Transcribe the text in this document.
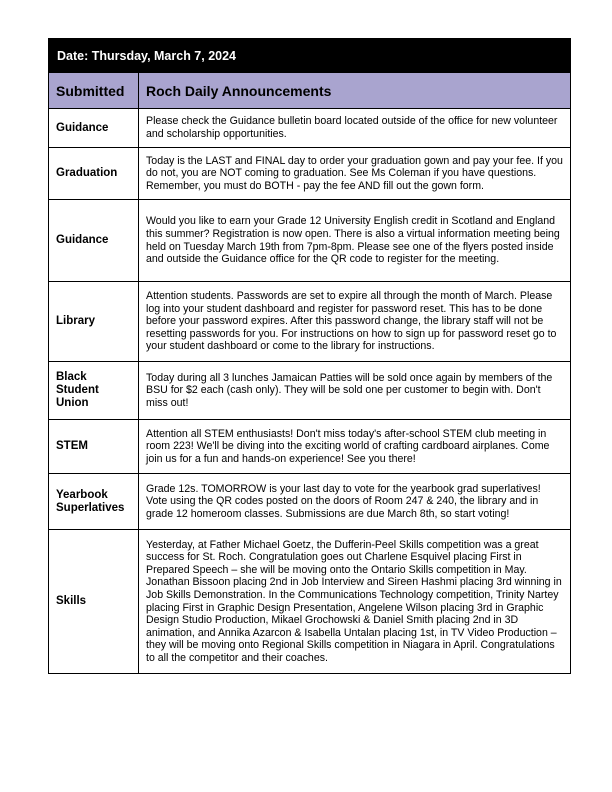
Date: Thursday, March 7, 2024	
Submitted	Roch Daily Announcements
Guidance	Please check the Guidance bulletin board located outside of the office for new volunteer and scholarship opportunities.
Graduation	Today is the LAST and FINAL day to order your graduation gown and pay your fee. If you do not, you are NOT coming to graduation. See Ms Coleman if you have questions. Remember, you must do BOTH - pay the fee AND fill out the gown form.
Guidance	Would you like to earn your Grade 12 University English credit in Scotland and England this summer? Registration is now open. There is also a virtual information meeting being held on Tuesday March 19th from 7pm-8pm. Please see one of the flyers posted inside and outside the Guidance office for the QR code to register for the meeting.
Library	Attention students. Passwords are set to expire all through the month of March. Please log into your student dashboard and register for password reset. This has to be done before your password expires. After this password change, the library staff will not be resetting passwords for you. For instructions on how to sign up for password reset go to your student dashboard or come to the library for instructions.
Black Student Union	Today during all 3 lunches Jamaican Patties will be sold once again by members of the BSU for $2 each (cash only). They will be sold one per customer to begin with. Don't miss out!
STEM	Attention all STEM enthusiasts! Don't miss today's after-school STEM club meeting in room 223! We'll be diving into the exciting world of crafting cardboard airplanes. Come join us for a fun and hands-on experience! See you there!
Yearbook Superlatives	Grade 12s. TOMORROW is your last day to vote for the yearbook grad superlatives! Vote using the QR codes posted on the doors of Room 247 & 240, the library and in grade 12 homeroom classes. Submissions are due March 8th, so start voting!
Skills	Yesterday, at Father Michael Goetz, the Dufferin-Peel Skills competition was a great success for St. Roch. Congratulation goes out Charlene Esquivel placing First in Prepared Speech – she will be moving onto the Ontario Skills competition in May. Jonathan Bissoon placing 2nd in Job Interview and Sireen Hashmi placing 3rd winning in Job Skills Demonstration. In the Communications Technology competition, Trinity Nartey placing First in Graphic Design Presentation, Angelene Wilson placing 3rd in Graphic Design Studio Production, Mikael Grochowski & Daniel Smith placing 2nd in 3D animation, and Annika Azarcon & Isabella Untalan placing 1st, in TV Video Production – they will be moving onto Regional Skills competition in Niagara in April. Congratulations to all the competitor and their coaches.
